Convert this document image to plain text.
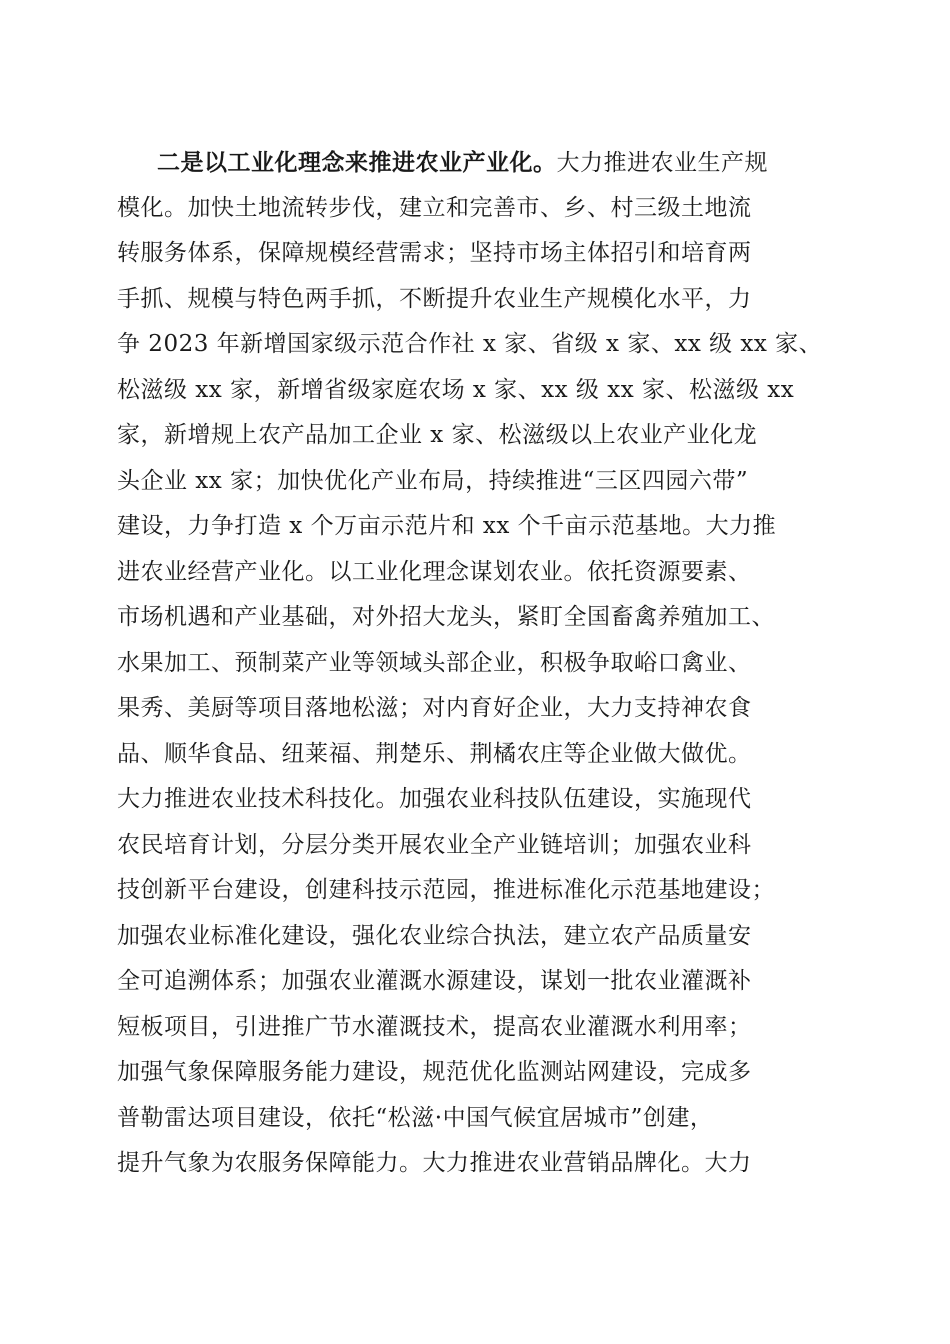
二是以工业化理念来推进农业产业化。大力推进农业生产规
模化。加快土地流转步伐，建立和完善市、乡、村三级土地流
转服务体系，保障规模经营需求；坚持市场主体招引和培育两
手抓、规模与特色两手抓，不断提升农业生产规模化水平，力
争 2023 年新增国家级示范合作社 x 家、省级 x 家、xx 级 xx 家、
松滋级 xx 家，新增省级家庭农场 x 家、xx 级 xx 家、松滋级 xx
家，新增规上农产品加工企业 x 家、松滋级以上农业产业化龙
头企业 xx 家；加快优化产业布局，持续推进“三区四园六带”
建设，力争打造 x 个万亩示范片和 xx 个千亩示范基地。大力推
进农业经营产业化。以工业化理念谋划农业。依托资源要素、
市场机遇和产业基础，对外招大龙头，紧盯全国畜禽养殖加工、
水果加工、预制菜产业等领域头部企业，积极争取峪口禽业、
果秀、美厨等项目落地松滋；对内育好企业，大力支持神农食
品、顺华食品、纽莱福、荆楚乐、荆橘农庄等企业做大做优。
大力推进农业技术科技化。加强农业科技队伍建设，实施现代
农民培育计划，分层分类开展农业全产业链培训；加强农业科
技创新平台建设，创建科技示范园，推进标准化示范基地建设；
加强农业标准化建设，强化农业综合执法，建立农产品质量安
全可追溯体系；加强农业灌溉水源建设，谋划一批农业灌溉补
短板项目，引进推广节水灌溉技术，提高农业灌溉水利用率；
加强气象保障服务能力建设，规范优化监测站网建设，完成多
普勒雷达项目建设，依托“松滋·中国气候宜居城市”创建，
提升气象为农服务保障能力。大力推进农业营销品牌化。大力
